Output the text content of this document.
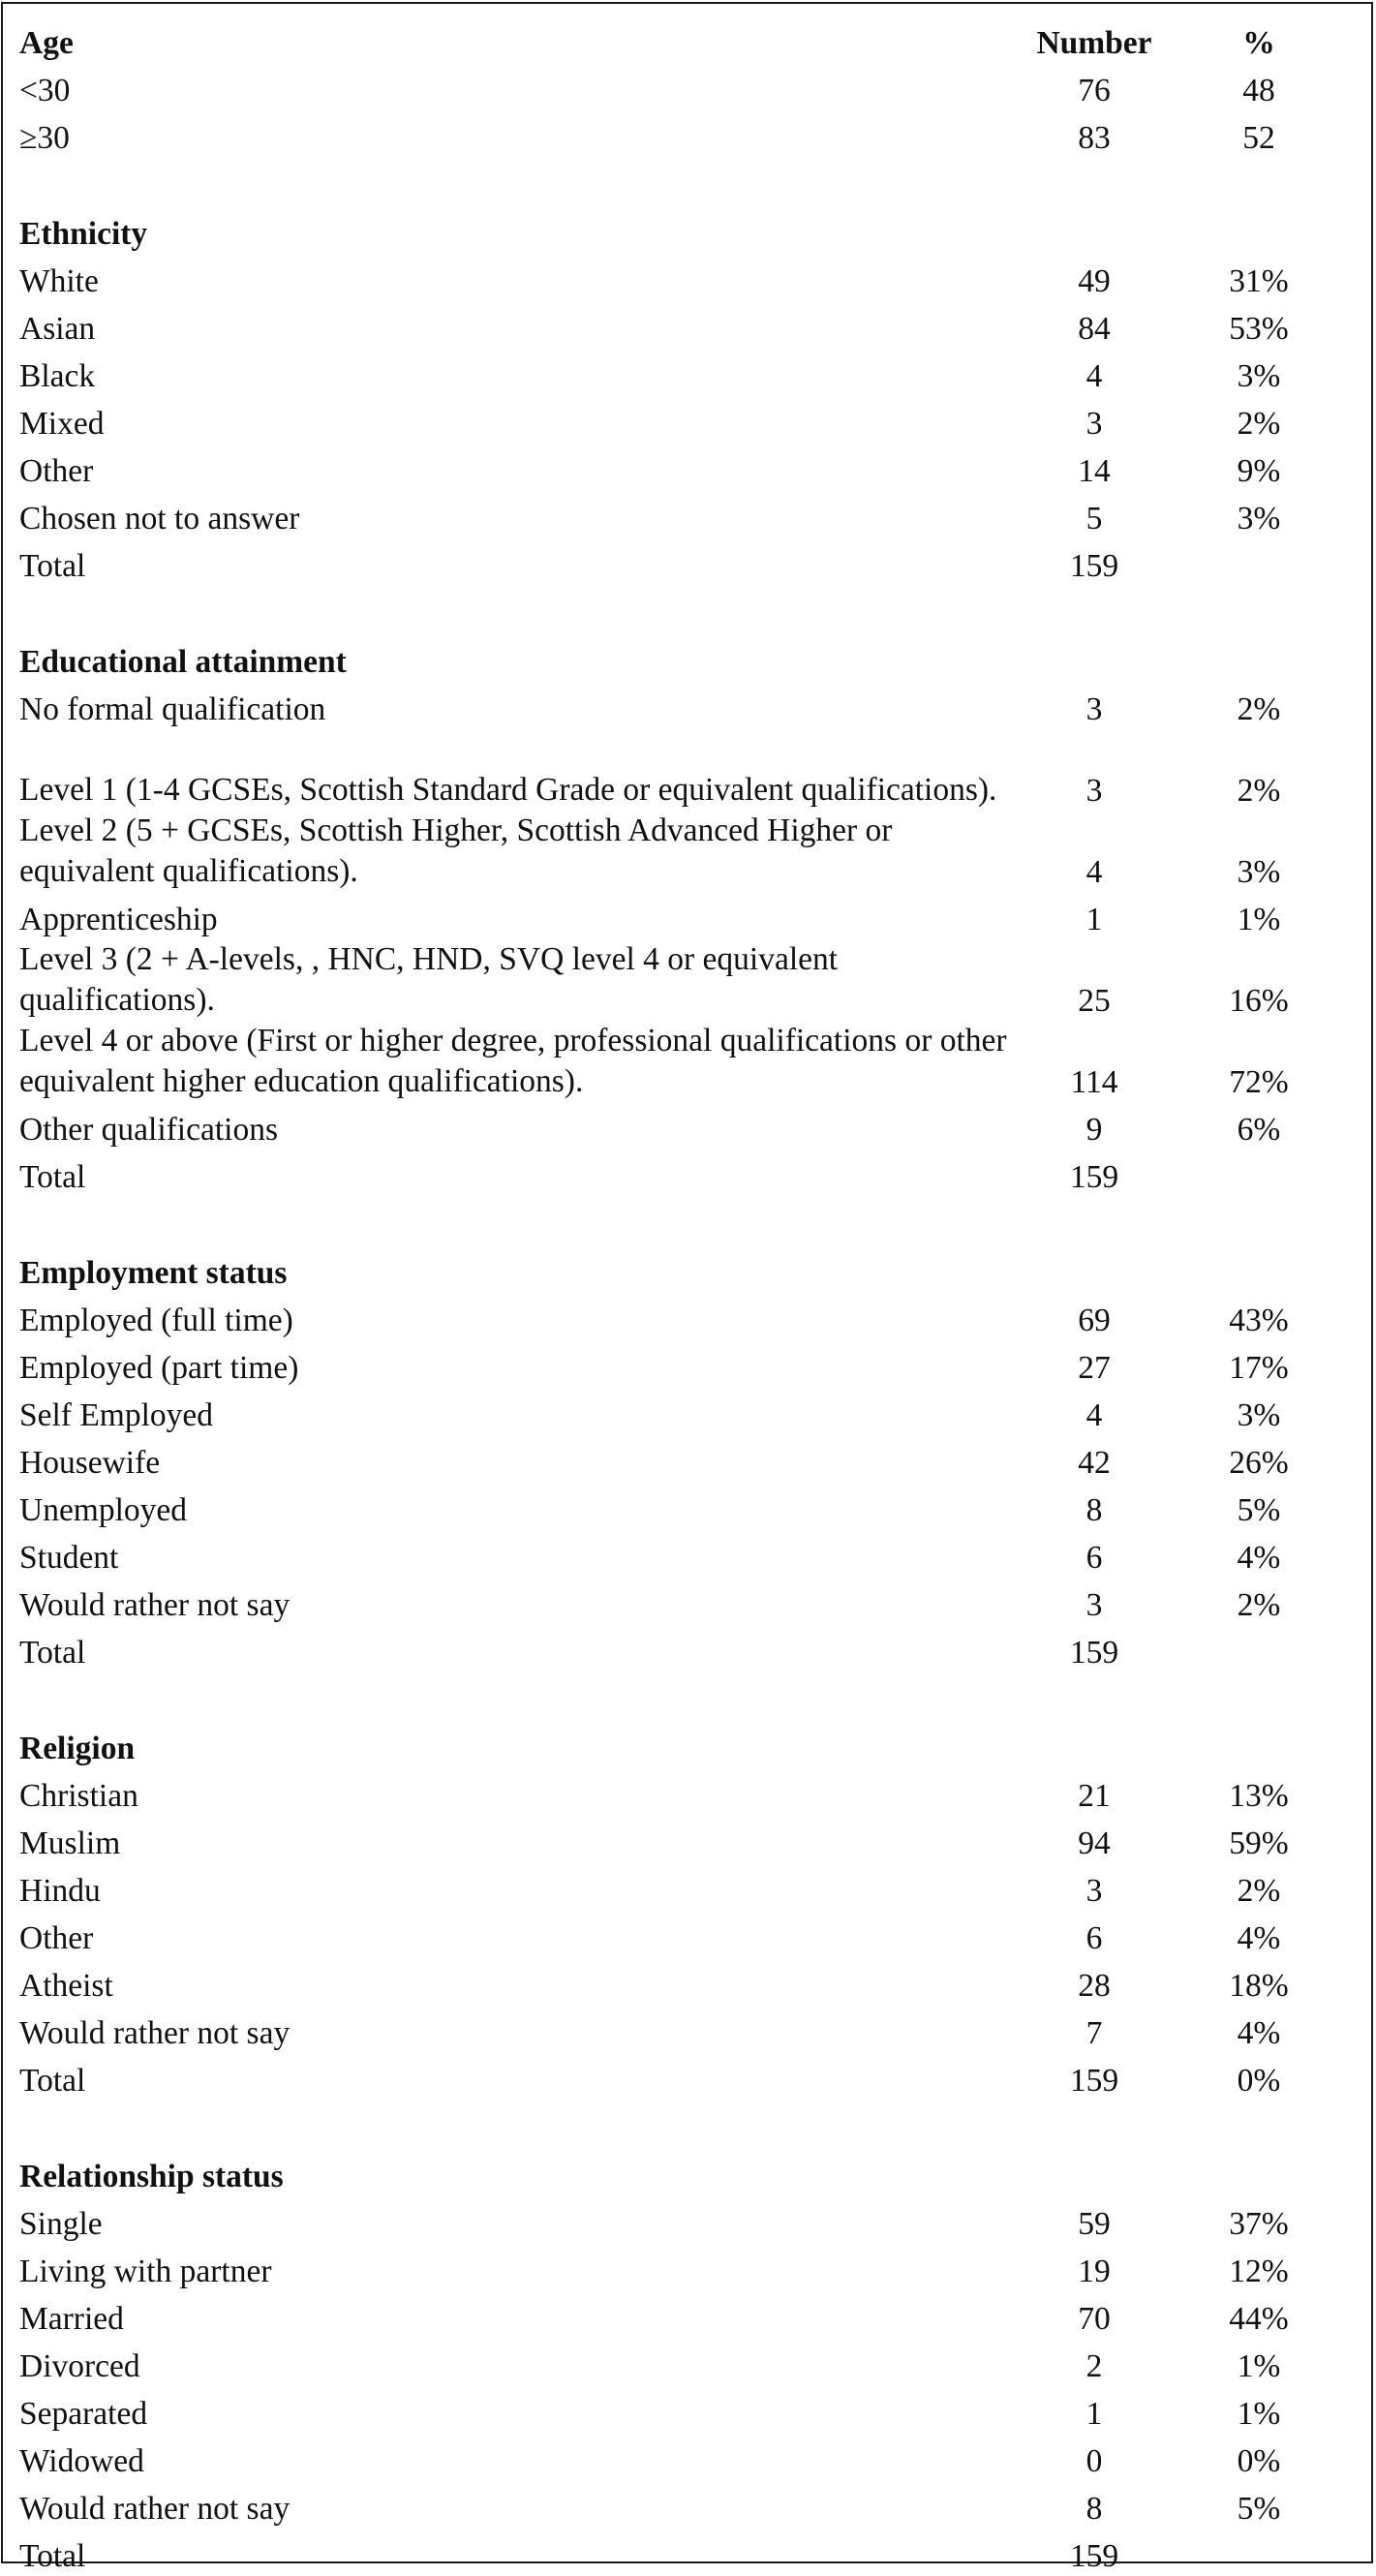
Age	Number	%
<30	76	48
≥30	83	52

Ethnicity		
White	49	31%
Asian	84	53%
Black	4	3%
Mixed	3	2%
Other	14	9%
Chosen not to answer	5	3%
Total	159	

Educational attainment		
No formal qualification	3	2%

Level 1 (1-4 GCSEs, Scottish Standard Grade or equivalent qualifications).	3	2%

Level 2 (5 + GCSEs, Scottish Higher, Scottish Advanced Higher or equivalent qualifications).	4	3%
Apprenticeship	1	1%

Level 3 (2 + A-levels, , HNC, HND, SVQ level 4 or equivalent qualifications).	25	16%

Level 4 or above (First or higher degree, professional qualifications or other equivalent higher education qualifications).	114	72%
Other qualifications	9	6%
Total	159	

Employment status		
Employed (full time)	69	43%
Employed (part time)	27	17%
Self Employed	4	3%
Housewife	42	26%
Unemployed	8	5%
Student	6	4%
Would rather not say	3	2%
Total	159	

Religion		
Christian	21	13%
Muslim	94	59%
Hindu	3	2%
Other	6	4%
Atheist	28	18%
Would rather not say	7	4%
Total	159	0%

Relationship status		
Single	59	37%
Living with partner	19	12%
Married	70	44%
Divorced	2	1%
Separated	1	1%
Widowed	0	0%
Would rather not say	8	5%
Total	159	
